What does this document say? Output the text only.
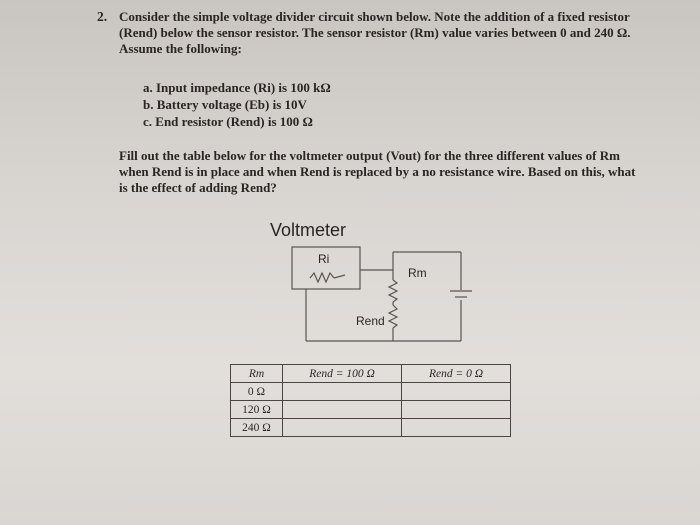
2. Consider the simple voltage divider circuit shown below. Note the addition of a fixed resistor (Rend) below the sensor resistor. The sensor resistor (Rm) value varies between 0 and 240 Ω. Assume the following:

a. Input impedance (Ri) is 100 kΩ
b. Battery voltage (Eb) is 10V
c. End resistor (Rend) is 100 Ω

Fill out the table below for the voltmeter output (Vout) for the three different values of Rm when Rend is in place and when Rend is replaced by a no resistance wire. Based on this, what is the effect of adding Rend?

Voltmeter
Ri
Rm
Rend
Rm	Rend = 100 Ω	Rend = 0 Ω
0 Ω		
120 Ω		
240 Ω		
